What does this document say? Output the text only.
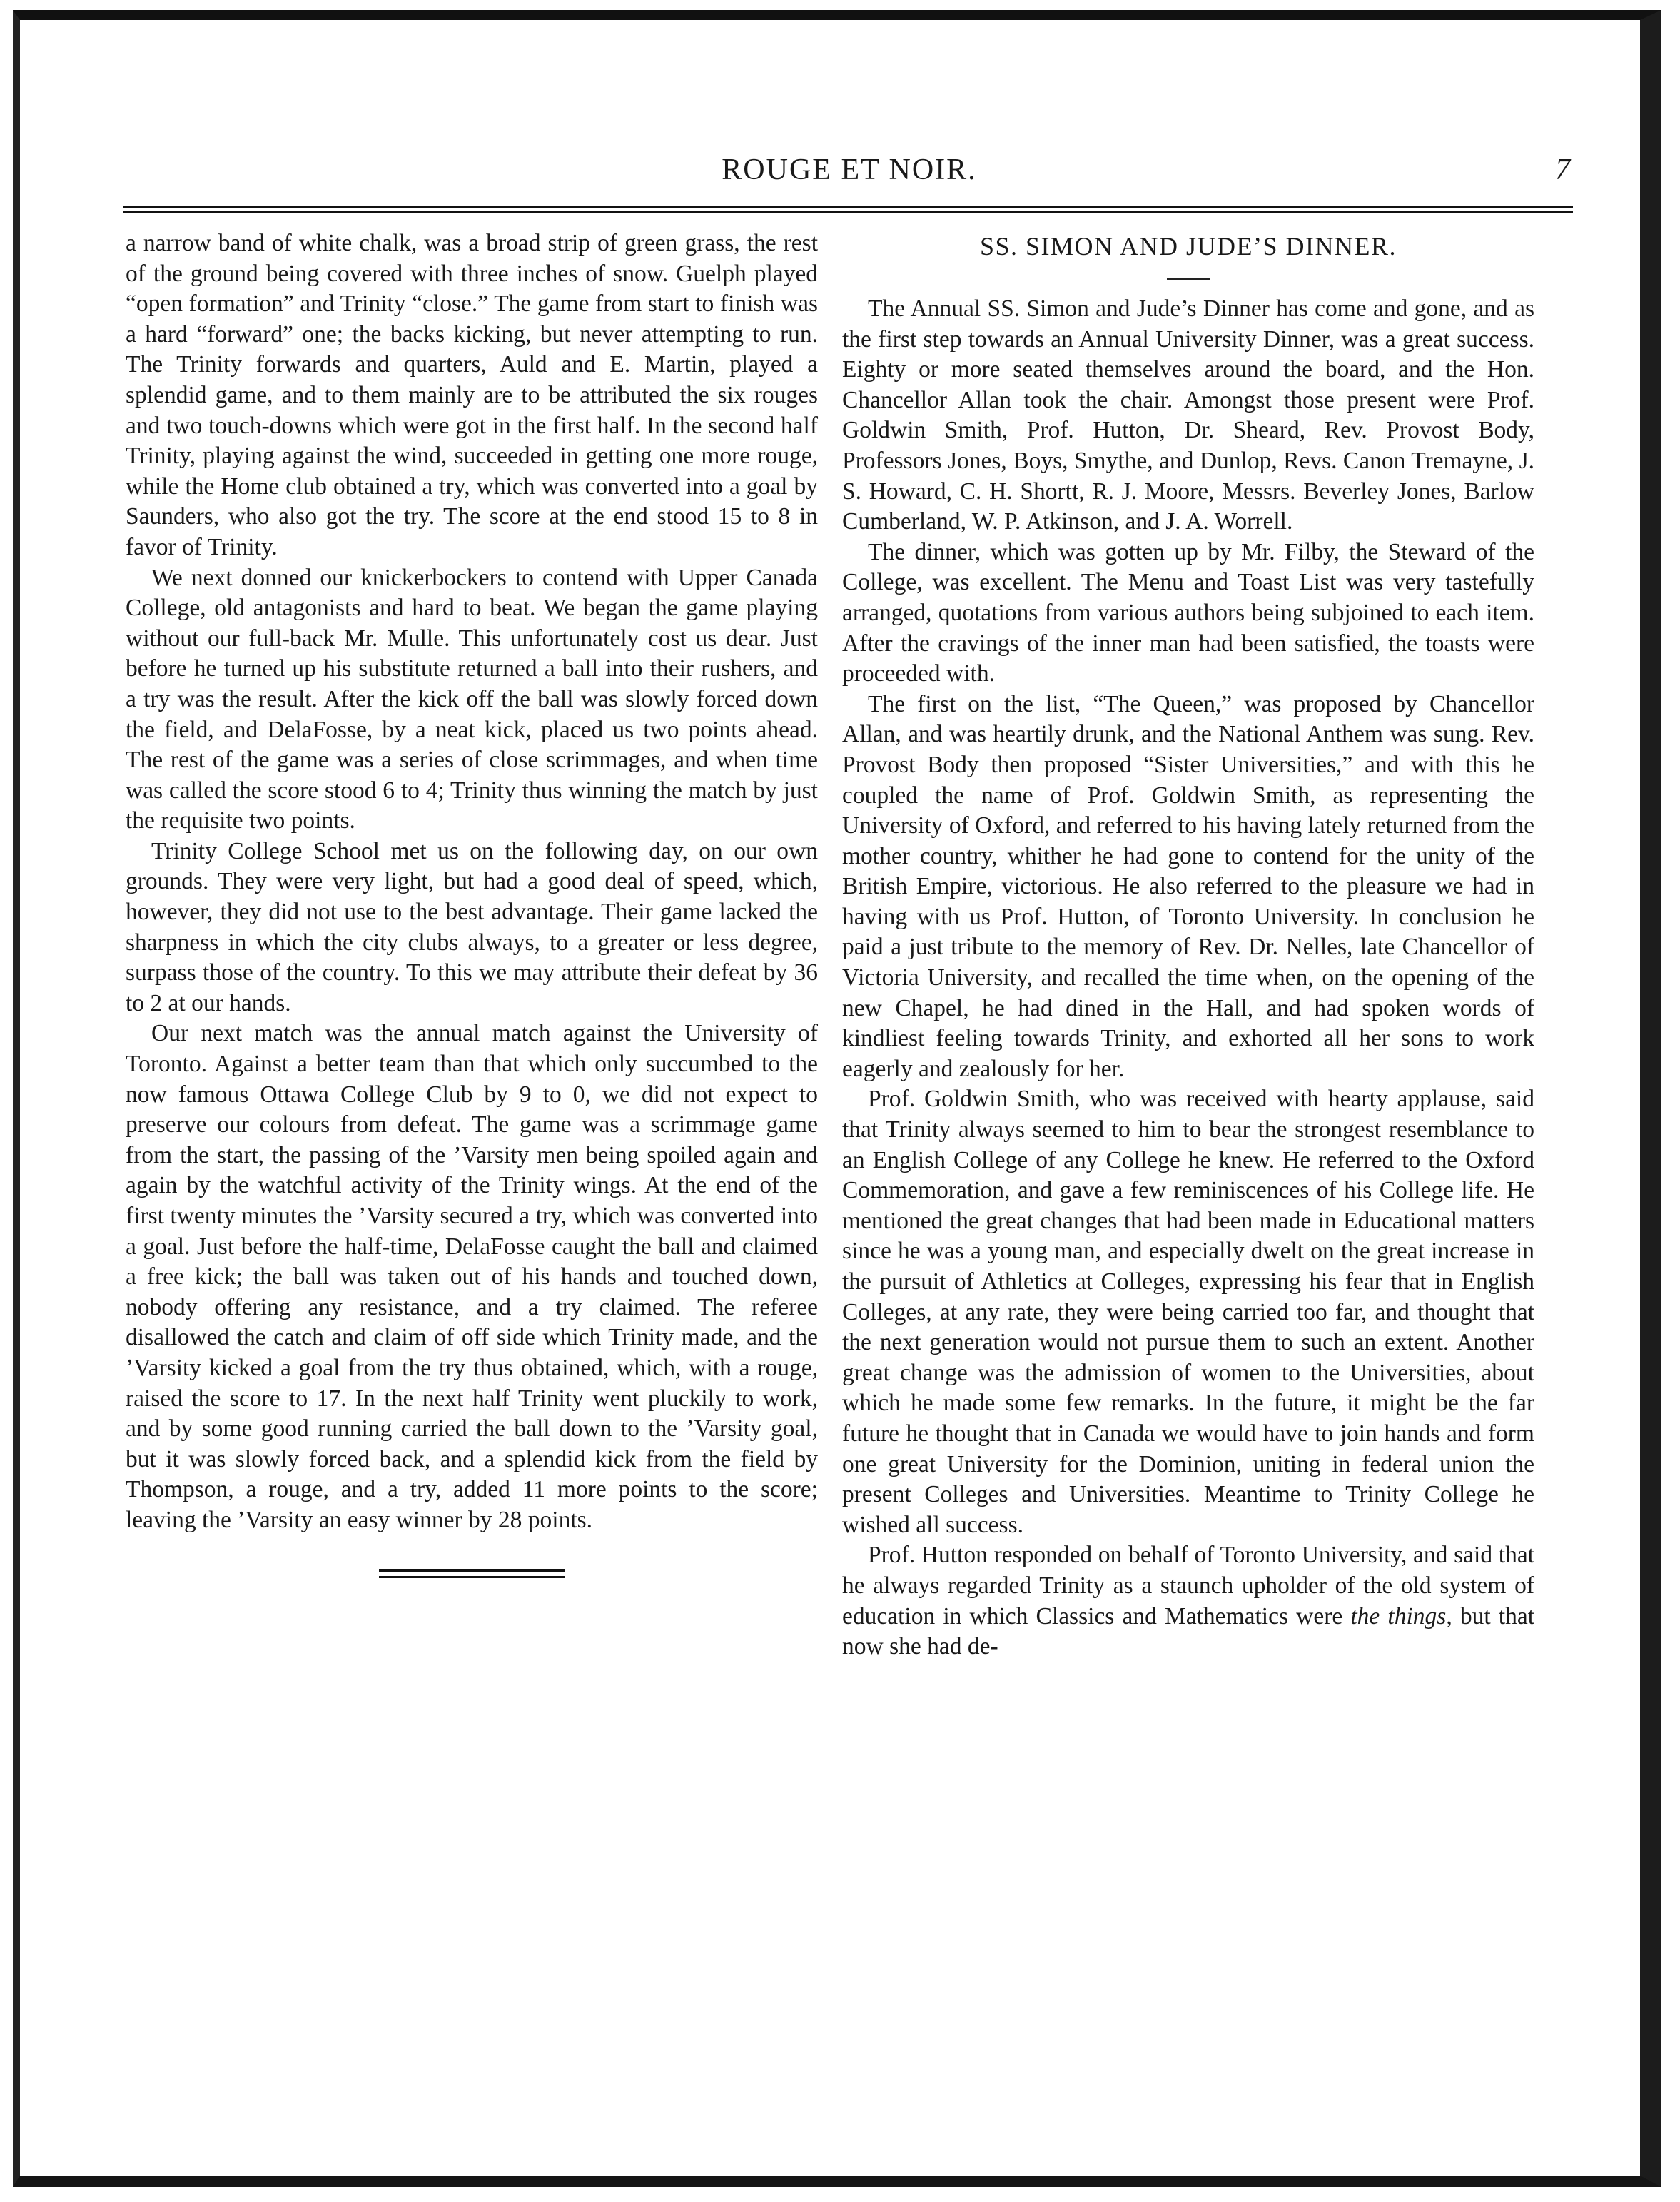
ROUGE ET NOIR.	7

a narrow band of white chalk, was a broad strip of green grass, the rest of the ground being covered with three inches of snow. Guelph played “open formation” and Trinity “close.” The game from start to finish was a hard “forward” one; the backs kicking, but never attempting to run. The Trinity forwards and quarters, Auld and E. Martin, played a splendid game, and to them mainly are to be attributed the six rouges and two touch-downs which were got in the first half. In the second half Trinity, playing against the wind, succeeded in getting one more rouge, while the Home club obtained a try, which was converted into a goal by Saunders, who also got the try. The score at the end stood 15 to 8 in favor of Trinity.

We next donned our knickerbockers to contend with Upper Canada College, old antagonists and hard to beat. We began the game playing without our full-back Mr. Mulle. This unfortunately cost us dear. Just before he turned up his substitute returned a ball into their rushers, and a try was the result. After the kick off the ball was slowly forced down the field, and DelaFosse, by a neat kick, placed us two points ahead. The rest of the game was a series of close scrimmages, and when time was called the score stood 6 to 4; Trinity thus winning the match by just the requisite two points.

Trinity College School met us on the following day, on our own grounds. They were very light, but had a good deal of speed, which, however, they did not use to the best advantage. Their game lacked the sharpness in which the city clubs always, to a greater or less degree, surpass those of the country. To this we may attribute their defeat by 36 to 2 at our hands.

Our next match was the annual match against the University of Toronto. Against a better team than that which only succumbed to the now famous Ottawa College Club by 9 to 0, we did not expect to preserve our colours from defeat. The game was a scrimmage game from the start, the passing of the ’Varsity men being spoiled again and again by the watchful activity of the Trinity wings. At the end of the first twenty minutes the ’Varsity secured a try, which was converted into a goal. Just before the half-time, DelaFosse caught the ball and claimed a free kick; the ball was taken out of his hands and touched down, nobody offering any resistance, and a try claimed. The referee disallowed the catch and claim of off side which Trinity made, and the ’Varsity kicked a goal from the try thus obtained, which, with a rouge, raised the score to 17. In the next half Trinity went pluckily to work, and by some good running carried the ball down to the ’Varsity goal, but it was slowly forced back, and a splendid kick from the field by Thompson, a rouge, and a try, added 11 more points to the score; leaving the ’Varsity an easy winner by 28 points.

SS. SIMON AND JUDE’S DINNER.

The Annual SS. Simon and Jude’s Dinner has come and gone, and as the first step towards an Annual University Dinner, was a great success. Eighty or more seated themselves around the board, and the Hon. Chancellor Allan took the chair. Amongst those present were Prof. Goldwin Smith, Prof. Hutton, Dr. Sheard, Rev. Provost Body, Professors Jones, Boys, Smythe, and Dunlop, Revs. Canon Tremayne, J. S. Howard, C. H. Shortt, R. J. Moore, Messrs. Beverley Jones, Barlow Cumberland, W. P. Atkinson, and J. A. Worrell.

The dinner, which was gotten up by Mr. Filby, the Steward of the College, was excellent. The Menu and Toast List was very tastefully arranged, quotations from various authors being subjoined to each item. After the cravings of the inner man had been satisfied, the toasts were proceeded with.

The first on the list, “The Queen,” was proposed by Chancellor Allan, and was heartily drunk, and the National Anthem was sung. Rev. Provost Body then proposed “Sister Universities,” and with this he coupled the name of Prof. Goldwin Smith, as representing the University of Oxford, and referred to his having lately returned from the mother country, whither he had gone to contend for the unity of the British Empire, victorious. He also referred to the pleasure we had in having with us Prof. Hutton, of Toronto University. In conclusion he paid a just tribute to the memory of Rev. Dr. Nelles, late Chancellor of Victoria University, and recalled the time when, on the opening of the new Chapel, he had dined in the Hall, and had spoken words of kindliest feeling towards Trinity, and exhorted all her sons to work eagerly and zealously for her.

Prof. Goldwin Smith, who was received with hearty applause, said that Trinity always seemed to him to bear the strongest resemblance to an English College of any College he knew. He referred to the Oxford Commemoration, and gave a few reminiscences of his College life. He mentioned the great changes that had been made in Educational matters since he was a young man, and especially dwelt on the great increase in the pursuit of Athletics at Colleges, expressing his fear that in English Colleges, at any rate, they were being carried too far, and thought that the next generation would not pursue them to such an extent. Another great change was the admission of women to the Universities, about which he made some few remarks. In the future, it might be the far future he thought that in Canada we would have to join hands and form one great University for the Dominion, uniting in federal union the present Colleges and Universities. Meantime to Trinity College he wished all success.

Prof. Hutton responded on behalf of Toronto University, and said that he always regarded Trinity as a staunch upholder of the old system of education in which Classics and Mathematics were the things, but that now she had de-
